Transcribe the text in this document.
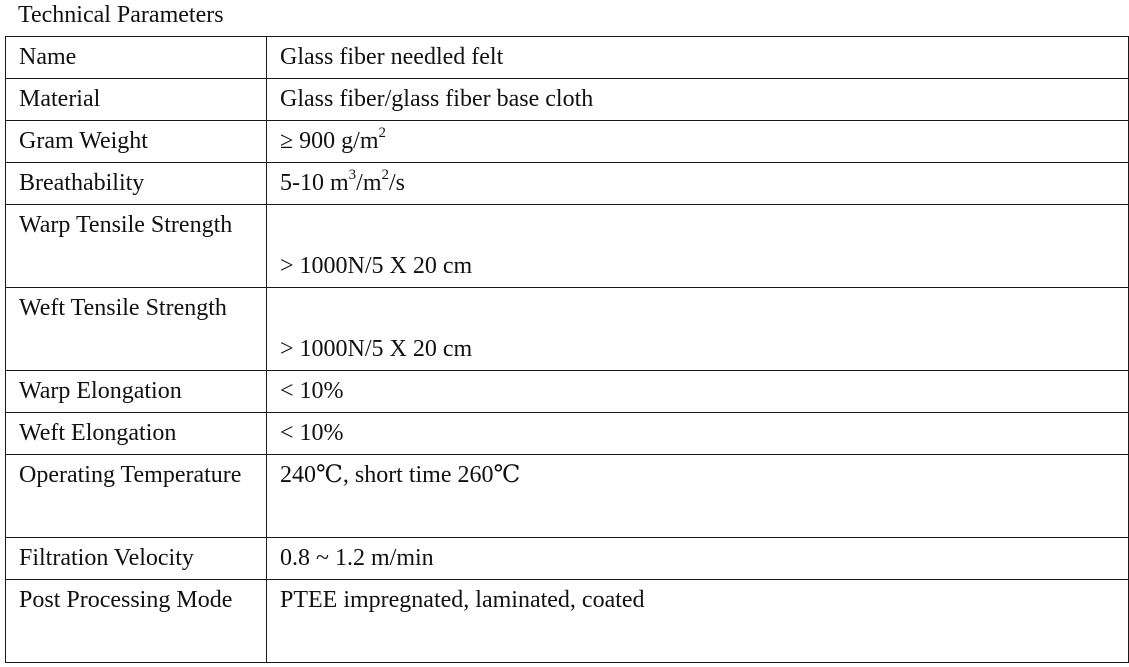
Technical Parameters
Name	Glass fiber needled felt

Material	Glass fiber/glass fiber base cloth

Gram Weight	≥ 900 $g/m^2$

Breathability	5-10 $m^3/m^2/s$

Warp Tensile Strength	> 1000N/5 X 20 cm

Weft Tensile Strength	> 1000N/5 X 20 cm

Warp Elongation	< 10%

Weft Elongation	< 10%

Operating Temperature	240℃, short time 260℃

Filtration Velocity	0.8 ~ 1.2 m/min

Post Processing Mode	PTEE impregnated, laminated, coated
